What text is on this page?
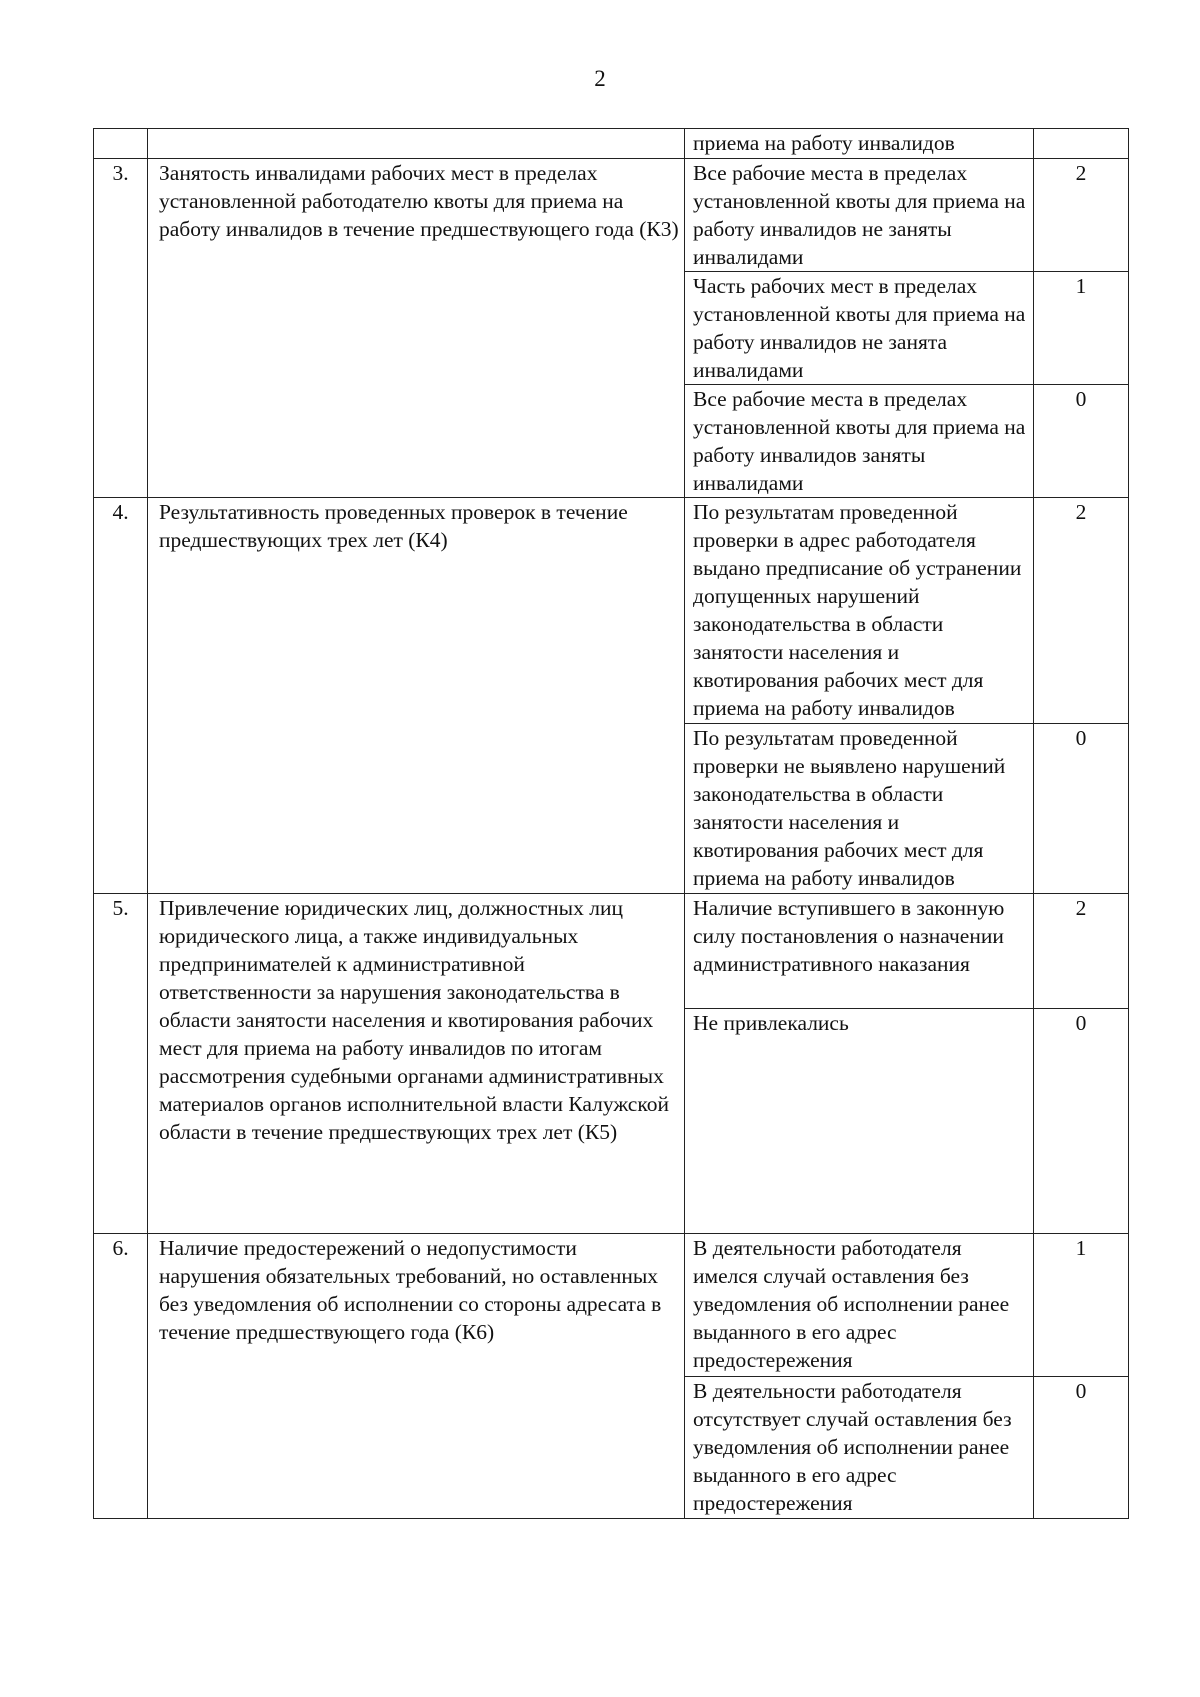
2
		приема на работу инвалидов	
3.	Занятость инвалидами рабочих мест в пределах установленной работодателю квоты для приема на работу инвалидов в течение предшествующего года (К3)	Все рабочие места в пределах установленной квоты для приема на работу инвалидов не заняты инвалидами	2
		Часть рабочих мест в пределах установленной квоты для приема на работу инвалидов не занята инвалидами	1
		Все рабочие места в пределах установленной квоты для приема на работу инвалидов заняты инвалидами	0
4.	Результативность проведенных проверок в течение предшествующих трех лет (К4)	По результатам проведенной проверки в адрес работодателя выдано предписание об устранении допущенных нарушений законодательства в области занятости населения и квотирования рабочих мест для приема на работу инвалидов	2
		По результатам проведенной проверки не выявлено нарушений законодательства в области занятости населения и квотирования рабочих мест для приема на работу инвалидов	0
5.	Привлечение юридических лиц, должностных лиц юридического лица, а также индивидуальных предпринимателей к административной ответственности за нарушения законодательства в области занятости населения и квотирования рабочих мест для приема на работу инвалидов по итогам рассмотрения судебными органами административных материалов органов исполнительной власти Калужской области в течение предшествующих трех лет (К5)	Наличие вступившего в законную силу постановления о назначении административного наказания	2
		Не привлекались	0
6.	Наличие предостережений о недопустимости нарушения обязательных требований, но оставленных без уведомления об исполнении со стороны адресата в течение предшествующего года (К6)	В деятельности работодателя имелся случай оставления без уведомления об исполнении ранее выданного в его адрес предостережения	1
		В деятельности работодателя отсутствует случай оставления без уведомления об исполнении ранее выданного в его адрес предостережения	0
